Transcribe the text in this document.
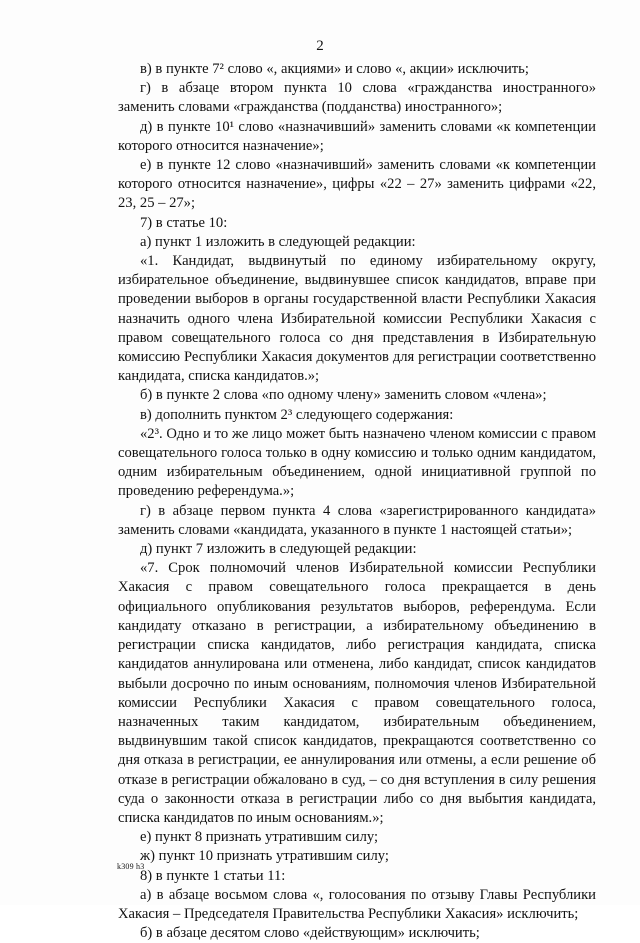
2

в) в пункте 7² слово «, акциями» и слово «, акции» исключить;

г) в абзаце втором пункта 10 слова «гражданства иностранного» заменить словами «гражданства (подданства) иностранного»;

д) в пункте 10¹ слово «назначивший» заменить словами «к компетенции которого относится назначение»;

е) в пункте 12 слово «назначивший» заменить словами «к компетенции которого относится назначение», цифры «22 – 27» заменить цифрами «22, 23, 25 – 27»;

7) в статье 10:

а) пункт 1 изложить в следующей редакции:

«1. Кандидат, выдвинутый по единому избирательному округу, избирательное объединение, выдвинувшее список кандидатов, вправе при проведении выборов в органы государственной власти Республики Хакасия назначить одного члена Избирательной комиссии Республики Хакасия с правом совещательного голоса со дня представления в Избирательную комиссию Республики Хакасия документов для регистрации соответственно кандидата, списка кандидатов.»;

б) в пункте 2 слова «по одному члену» заменить словом «члена»;

в) дополнить пунктом 2³ следующего содержания:

«2³. Одно и то же лицо может быть назначено членом комиссии с правом совещательного голоса только в одну комиссию и только одним кандидатом, одним избирательным объединением, одной инициативной группой по проведению референдума.»;

г) в абзаце первом пункта 4 слова «зарегистрированного кандидата» заменить словами «кандидата, указанного в пункте 1 настоящей статьи»;

д) пункт 7 изложить в следующей редакции:

«7. Срок полномочий членов Избирательной комиссии Республики Хакасия с правом совещательного голоса прекращается в день официального опубликования результатов выборов, референдума. Если кандидату отказано в регистрации, а избирательному объединению в регистрации списка кандидатов, либо регистрация кандидата, списка кандидатов аннулирована или отменена, либо кандидат, список кандидатов выбыли досрочно по иным основаниям, полномочия членов Избирательной комиссии Республики Хакасия с правом совещательного голоса, назначенных таким кандидатом, избирательным объединением, выдвинувшим такой список кандидатов, прекращаются соответственно со дня отказа в регистрации, ее аннулирования или отмены, а если решение об отказе в регистрации обжаловано в суд, – со дня вступления в силу решения суда о законности отказа в регистрации либо со дня выбытия кандидата, списка кандидатов по иным основаниям.»;

е) пункт 8 признать утратившим силу;

ж) пункт 10 признать утратившим силу;

8) в пункте 1 статьи 11:

а) в абзаце восьмом слова «, голосования по отзыву Главы Республики Хакасия – Председателя Правительства Республики Хакасия» исключить;

б) в абзаце десятом слово «действующим» исключить;

k309 h3
